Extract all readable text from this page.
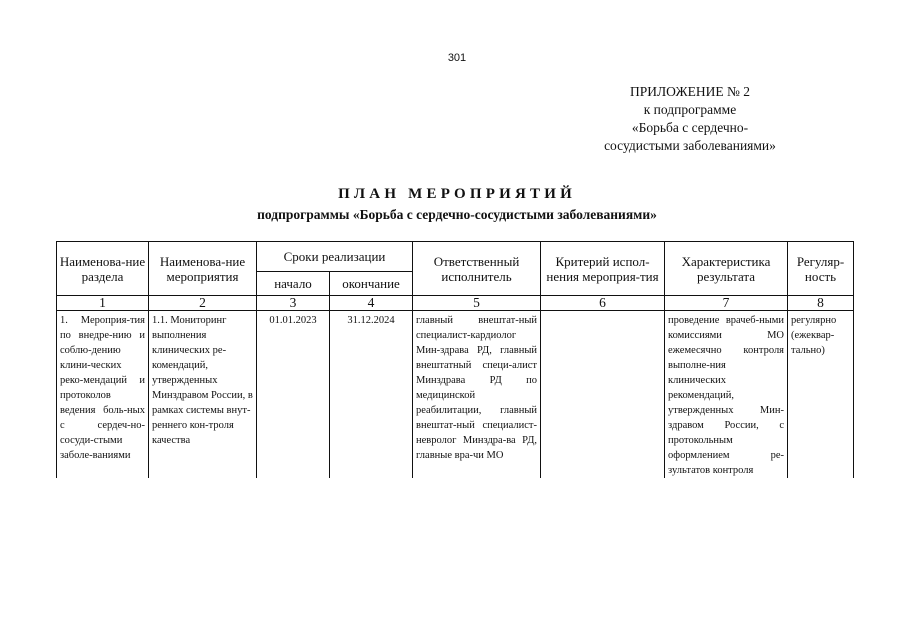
301
ПРИЛОЖЕНИЕ № 2
к подпрограмме
«Борьба с сердечно-
сосудистыми заболеваниями»
ПЛАН МЕРОПРИЯТИЙ
подпрограммы «Борьба с сердечно-сосудистыми заболеваниями»
Наименова-ние раздела	Наименова-ние мероприятия	Сроки реализации		Ответственный исполнитель	Критерий испол-нения мероприя-тия	Характеристика результата	Регуляр-ность
		начало	окончание				
1	2	3	4	5	6	7	8
1. Мероприя-тия по внедре-нию и соблю-дению клини-ческих реко-мендаций и протоколов ведения боль-ных с сердеч-но-сосуди-стыми заболе-ваниями	1.1. Мониторинг выполнения клинических ре-комендаций, утвержденных Минздравом России, в рамках системы внут-реннего кон-троля качества	01.01.2023	31.12.2024	главный внештат-ный специалист-кардиолог Мин-здрава РД, главный внештатный специ-алист Минздрава РД по медицинской реабилитации, главный внештат-ный специалист-невролог Минздра-ва РД, главные вра-чи МО		проведение врачеб-ными комиссиями МО ежемесячно контроля выполне-ния клинических рекомендаций, утвержденных Мин-здравом России, с протокольным оформлением ре-зультатов контроля	регулярно (ежеквар-тально)
